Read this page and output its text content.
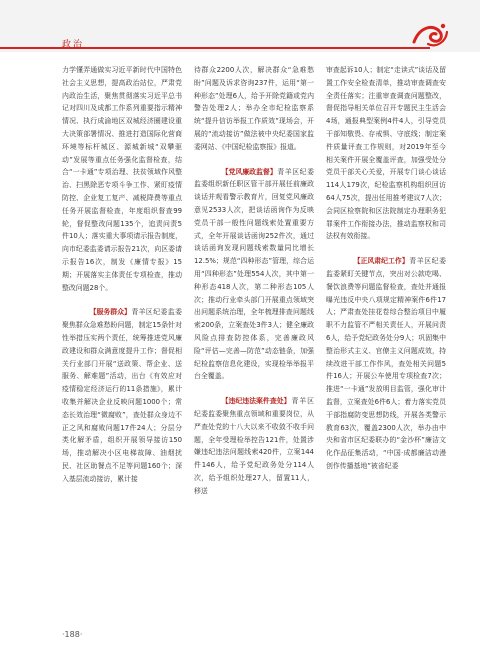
政治

力学懂弄通做实习近平新时代中国特色社会主义思想，提高政治站位，严肃党内政治生活，聚焦贯彻落实习近平总书记对四川及成都工作系列重要指示精神情况、执行成渝地区双城经济圈建设重大决策部署情况、推进打造国际化营商环境等标杆城区、源城新城“双攀驱动”发展等重点任务强化监督检查，结合“一卡通”专项治理、扶贫领域作风整治、扫黑除恶专项斗争工作、紧盯疫情防控、企业复工复产、减税降费等重点任务开展监督检查，年度组织督查99轮，督促整改问题135个，追责问责5件10人；落实重大事项请示报告制度，向市纪委监委请示报告21次，向区委请示报告16次，制发《廉情专报》15期；开展落实主体责任专项检查，推动整改问题28个。

【服务群众】青羊区纪委监委聚焦群众急难愁盼问题，制定15条针对性举措压实两个责任，统筹推进党风廉政建设和群众满意度提升工作；督促相关行业部门开展“送政策、帮企业、送服务、解难题”活动，出台《有效应对疫情稳定经济运行的11条措施》，累计收集并解决企业反映问题1000个；常态长效治理“微腐败”，查处群众身边不正之风和腐败问题17件24人；分层分类化解矛盾，组织开展领导接访150场，推动解决小区电梯故障、油烟扰民、社区助餐点不足等问题160个；深入基层流动接访，累计接

待群众2200人次，解决群众“急难愁盼”问题及诉求咨询237件，运用“第一种形态”处理6人，给予开除党籍或党内警告处理2人；举办全市纪检监察系统“提升信访举报工作质效”现场会，开展的“流动接访”做法被中央纪委国家监委网站、《中国纪检监察报》报道。

【党风廉政监督】青羊区纪委监委组织新任职区管干部开展任前廉政谈话并观看警示教育片，回复党风廉政意见2533人次，把谈话函询作为反映党员干部一般性问题线索处置重要方式，全年开展谈话函询252件次，通过谈话函询发现问题线索数量同比增长12.5%；规范“四种形态”管理，综合运用“四种形态”处理554人次，其中第一种形态418人次，第二种形态105人次；推动行业牵头部门开展重点领域突出问题系统治理，全年梳理排查问题线索200条，立案查处3件3人；健全廉政风险点排查防控体系，完善廉政风险“评估—完善—防范”动态链条，加强纪检监察信息化建设，实现检举举报平台全覆盖。

【违纪违法案件查处】青羊区纪委监委聚焦重点领域和重要岗位，从严查处党的十八大以来不收敛不收手问题，全年受理检举控告121件，处置涉嫌违纪违法问题线索420件，立案144件146人，给予党纪政务处分114人次，给予组织处理27人，留置11人，移送

审查起诉10人；制定“走读式”谈话及留置工作安全检查清单，推动审查调查安全责任落实；注重审查调查问题整改，督促指导相关单位召开专题民主生活会4场，通报典型案例4件4人，引导党员干部知敬畏、存戒惧、守底线；制定案件质量评查工作规则，对2019年至今相关案件开展全覆盖评查，加强受处分党员干部关心关爱，开展专门谈心谈话114人179次，纪检监察机构组织回访64人75次，提出任用推考建议7人次；会同区检察院和区法院制定办理职务犯罪案件工作衔接办法，推动监察权和司法权有效衔接。

【正风肃纪工作】青羊区纪委监委紧盯关键节点，突出对公款吃喝、餐饮浪费等问题监督检查，查处并通报曝光违反中央八项规定精神案件6件17人；严肃查处挂花卷综合整治项目中履职不力监管不严相关责任人，开展问责6人，给予党纪政务处分9人；巩固集中整治形式主义、官僚主义问题成效，持续改进干部工作作风，查处相关问题5件16人；开展公车使用专项检查7次；推进“一卡通”发放明目监管，强化审计监督，立案查处6件6人；着力落实党员干部指腐防变思想防线，开展各类警示教育63次，覆盖2300人次，举办由中央和省市区纪委联办的“金沙杯”廉洁文化作品征集活动，“中国·成都廉洁动漫创作传播基地”被省纪委

·188·
